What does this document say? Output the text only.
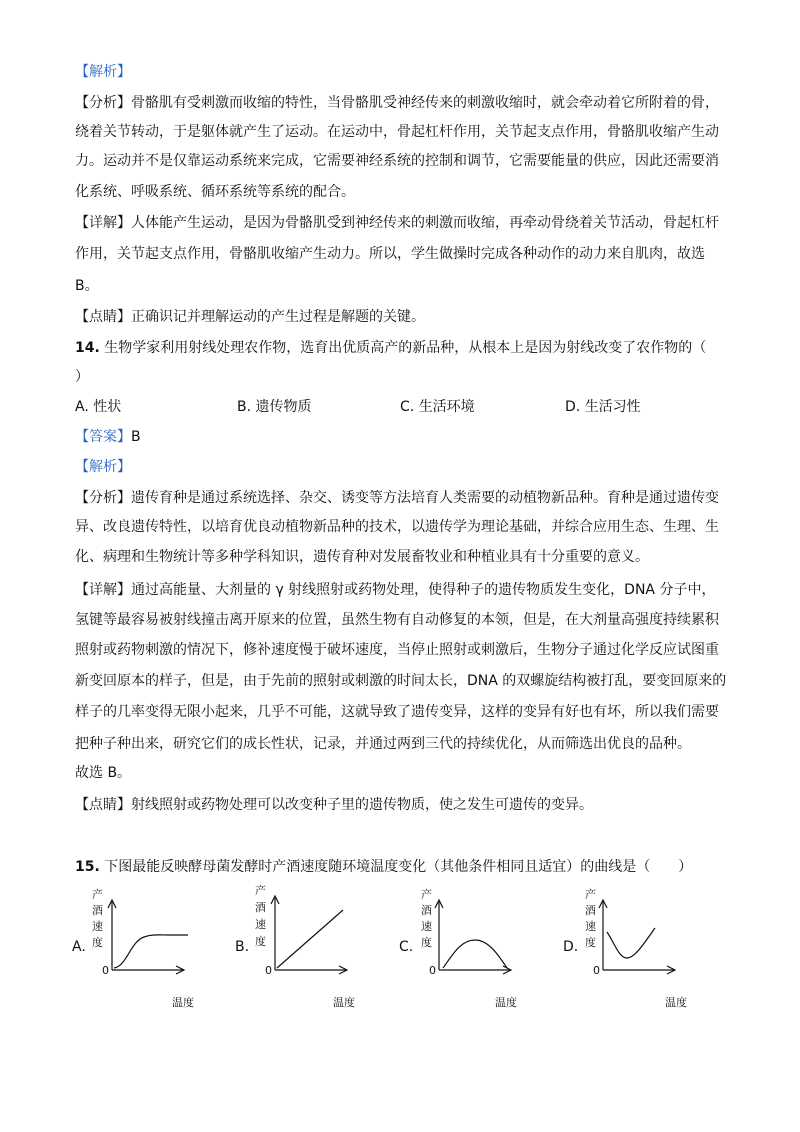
【解析】
【分析】骨骼肌有受刺激而收缩的特性，当骨骼肌受神经传来的刺激收缩时，就会牵动着它所附着的骨，
绕着关节转动，于是躯体就产生了运动。在运动中，骨起杠杆作用，关节起支点作用，骨骼肌收缩产生动
力。运动并不是仅靠运动系统来完成，它需要神经系统的控制和调节，它需要能量的供应，因此还需要消
化系统、呼吸系统、循环系统等系统的配合。
【详解】人体能产生运动，是因为骨骼肌受到神经传来的刺激而收缩，再牵动骨绕着关节活动，骨起杠杆
作用，关节起支点作用，骨骼肌收缩产生动力。所以，学生做操时完成各种动作的动力来自肌肉，故选
B。
【点睛】正确识记并理解运动的产生过程是解题的关键。
14. 生物学家利用射线处理农作物，选育出优质高产的新品种，从根本上是因为射线改变了农作物的（
）
A. 性状	B. 遗传物质	C. 生活环境	D. 生活习性
【答案】B
【解析】
【分析】遗传育种是通过系统选择、杂交、诱变等方法培育人类需要的动植物新品种。育种是通过遗传变
异、改良遗传特性，以培育优良动植物新品种的技术，以遗传学为理论基础，并综合应用生态、生理、生
化、病理和生物统计等多种学科知识，遗传育种对发展畜牧业和种植业具有十分重要的意义。
【详解】通过高能量、大剂量的 γ 射线照射或药物处理，使得种子的遗传物质发生变化，DNA 分子中，
氢键等最容易被射线撞击离开原来的位置，虽然生物有自动修复的本领，但是，在大剂量高强度持续累积
照射或药物刺激的情况下，修补速度慢于破坏速度，当停止照射或刺激后，生物分子通过化学反应试图重
新变回原本的样子，但是，由于先前的照射或刺激的时间太长，DNA 的双螺旋结构被打乱，要变回原来的
样子的几率变得无限小起来，几乎不可能，这就导致了遗传变异，这样的变异有好也有坏，所以我们需要
把种子种出来，研究它们的成长性状，记录，并通过两到三代的持续优化，从而筛选出优良的品种。
故选 B。
【点睛】射线照射或药物处理可以改变种子里的遗传物质，使之发生可遗传的变异。
15. 下图最能反映酵母菌发酵时产酒速度随环境温度变化（其他条件相同且适宜）的曲线是（　　）
A.
产
酒
速
度
0
温度
B.
产
酒
速
度
0
温度
C.
产
酒
速
度
0
温度
D.
产
酒
速
度
0
温度
